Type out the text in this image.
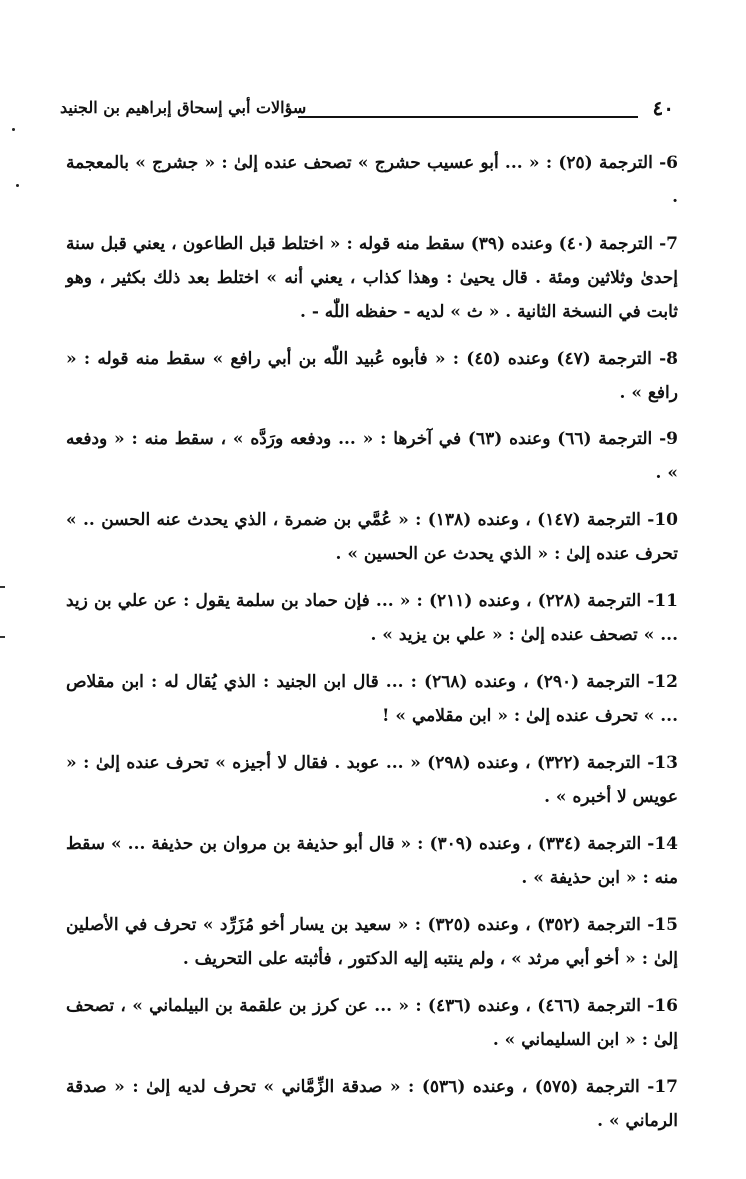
٤٠
سؤالات أبي إسحاق إبراهيم بن الجنيد

6- الترجمة (٢٥) : « ... أبو عسيب حشرج » تصحف عنده إلىٰ : « جشرج » بالمعجمة .

7- الترجمة (٤٠) وعنده (٣٩) سقط منه قوله : « اختلط قبل الطاعون ، يعني قبل سنة إحدىٰ وثلاثين ومئة . قال يحيىٰ : وهذا كذاب ، يعني أنه » اختلط بعد ذلك بكثير ، وهو ثابت في النسخة الثانية . « ث » لديه - حفظه اللّٰه - .

8- الترجمة (٤٧) وعنده (٤٥) : « فأبوه عُبيد اللّٰه بن أبي رافع » سقط منه قوله : « رافع » .

9- الترجمة (٦٦) وعنده (٦٣) في آخرها : « ... ودفعه ورَدَّه » ، سقط منه : « ودفعه » .

10- الترجمة (١٤٧) ، وعنده (١٣٨) : « عُمَّي بن ضمرة ، الذي يحدث عنه الحسن .. » تحرف عنده إلىٰ : « الذي يحدث عن الحسين » .

11- الترجمة (٢٢٨) ، وعنده (٢١١) : « ... فإن حماد بن سلمة يقول : عن علي بن زيد ... » تصحف عنده إلىٰ : « علي بن يزيد » .

12- الترجمة (٢٩٠) ، وعنده (٢٦٨) : ... قال ابن الجنيد : الذي يُقال له : ابن مقلاص ... » تحرف عنده إلىٰ : « ابن مقلامي » !

13- الترجمة (٣٢٢) ، وعنده (٢٩٨) « ... عوبد . فقال لا أجيزه » تحرف عنده إلىٰ : « عويس لا أخبره » .

14- الترجمة (٣٣٤) ، وعنده (٣٠٩) : « قال أبو حذيفة بن مروان بن حذيفة ... » سقط منه : « ابن حذيفة » .

15- الترجمة (٣٥٢) ، وعنده (٣٢٥) : « سعيد بن يسار أخو مُزَرِّد » تحرف في الأصلين إلىٰ : « أخو أبي مرثد » ، ولم ينتبه إليه الدكتور ، فأثبته على التحريف .

16- الترجمة (٤٦٦) ، وعنده (٤٣٦) : « ... عن كرز بن علقمة بن البيلماني » ، تصحف إلىٰ : « ابن السليماني » .

17- الترجمة (٥٧٥) ، وعنده (٥٣٦) : « صدقة الزِّمَّاني » تحرف لديه إلىٰ : « صدقة الرماني » .
